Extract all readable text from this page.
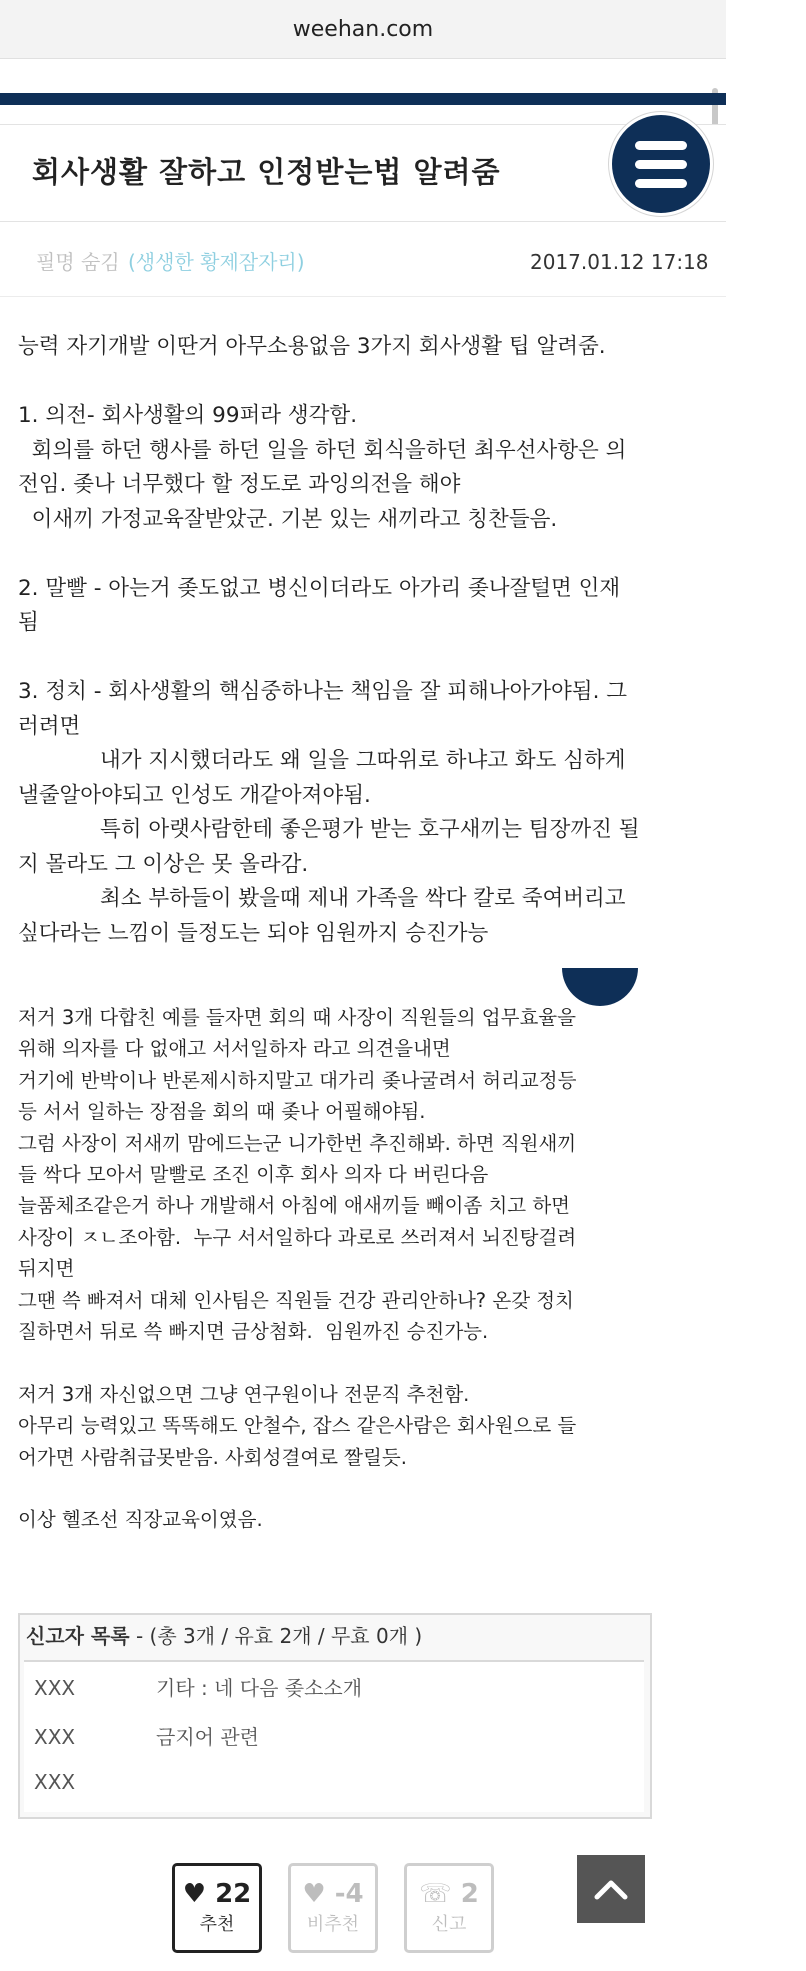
weehan.com
회사생활 잘하고 인정받는법 알려줌
필명 숨김 (생생한 황제잠자리)	2017.01.12 17:18

능력 자기개발 이딴거 아무소용없음 3가지 회사생활 팁 알려줌.

1. 의전- 회사생활의 99퍼라 생각함.

회의를 하던 행사를 하던 일을 하던 회식을하던 최우선사항은 의

전임. 좆나 너무했다 할 정도로 과잉의전을 해야

이새끼 가정교육잘받았군. 기본 있는 새끼라고 칭찬들음.

2. 말빨 - 아는거 좆도없고 병신이더라도 아가리 좆나잘털면 인재

됨

3. 정치 - 회사생활의 핵심중하나는 책임을 잘 피해나아가야됨. 그

러려면

내가 지시했더라도 왜 일을 그따위로 하냐고 화도 심하게

낼줄알아야되고 인성도 개같아져야됨.

특히 아랫사람한테 좋은평가 받는 호구새끼는 팀장까진 될

지 몰라도 그 이상은 못 올라감.

최소 부하들이 봤을때 제내 가족을 싹다 칼로 죽여버리고

싶다라는 느낌이 들정도는 되야 임원까지 승진가능

저거 3개 다합친 예를 들자면 회의 때 사장이 직원들의 업무효율을

위해 의자를 다 없애고 서서일하자 라고 의견을내면

거기에 반박이나 반론제시하지말고 대가리 좆나굴려서 허리교정등

등 서서 일하는 장점을 회의 때 좆나 어필해야됨.

그럼 사장이 저새끼 맘에드는군 니가한번 추진해봐. 하면 직원새끼

들 싹다 모아서 말빨로 조진 이후 회사 의자 다 버린다음

늘품체조같은거 하나 개발해서 아침에 애새끼들 빼이좀 치고 하면

사장이 ㅈㄴ조아함.  누구 서서일하다 과로로 쓰러져서 뇌진탕걸려

뒤지면

그땐 쓱 빠져서 대체 인사팀은 직원들 건강 관리안하나? 온갖 정치

질하면서 뒤로 쓱 빠지면 금상첨화.  임원까진 승진가능.

저거 3개 자신없으면 그냥 연구원이나 전문직 추천함.

아무리 능력있고 똑똑해도 안철수, 잡스 같은사람은 회사원으로 들

어가면 사람취급못받음. 사회성결여로 짤릴듯.

이상 헬조선 직장교육이였음.

신고자 목록 - (총 3개 / 유효 2개 / 무효 0개 )
XXX	기타 : 네 다음 좆소소개
XXX	금지어 관련
XXX
♥ 22
추천
♥ -4
비추천
☏ 2
신고
